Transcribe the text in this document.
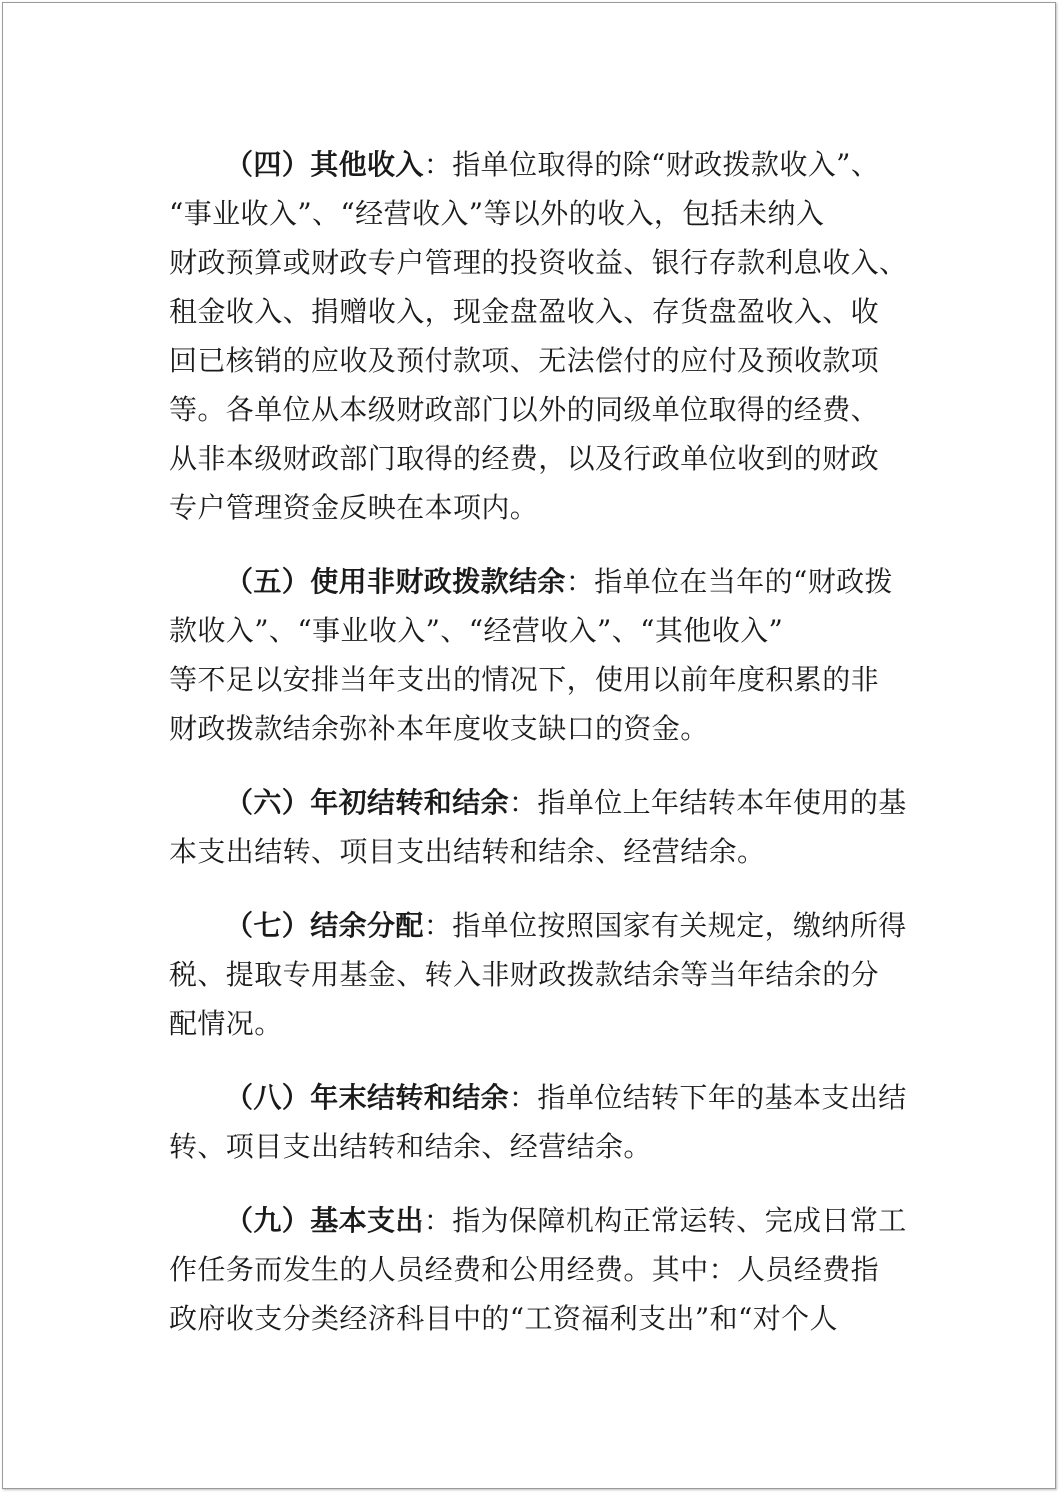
（四）其他收入：指单位取得的除“财政拨款收入”、

“事业收入”、“经营收入”等以外的收入，包括未纳入

财政预算或财政专户管理的投资收益、银行存款利息收入、

租金收入、捐赠收入，现金盘盈收入、存货盘盈收入、收

回已核销的应收及预付款项、无法偿付的应付及预收款项

等。各单位从本级财政部门以外的同级单位取得的经费、

从非本级财政部门取得的经费，以及行政单位收到的财政

专户管理资金反映在本项内。

（五）使用非财政拨款结余：指单位在当年的“财政拨

款收入”、“事业收入”、“经营收入”、“其他收入”

等不足以安排当年支出的情况下，使用以前年度积累的非

财政拨款结余弥补本年度收支缺口的资金。

（六）年初结转和结余：指单位上年结转本年使用的基

本支出结转、项目支出结转和结余、经营结余。

（七）结余分配：指单位按照国家有关规定，缴纳所得

税、提取专用基金、转入非财政拨款结余等当年结余的分

配情况。

（八）年末结转和结余：指单位结转下年的基本支出结

转、项目支出结转和结余、经营结余。

（九）基本支出：指为保障机构正常运转、完成日常工

作任务而发生的人员经费和公用经费。其中：人员经费指

政府收支分类经济科目中的“工资福利支出”和“对个人
